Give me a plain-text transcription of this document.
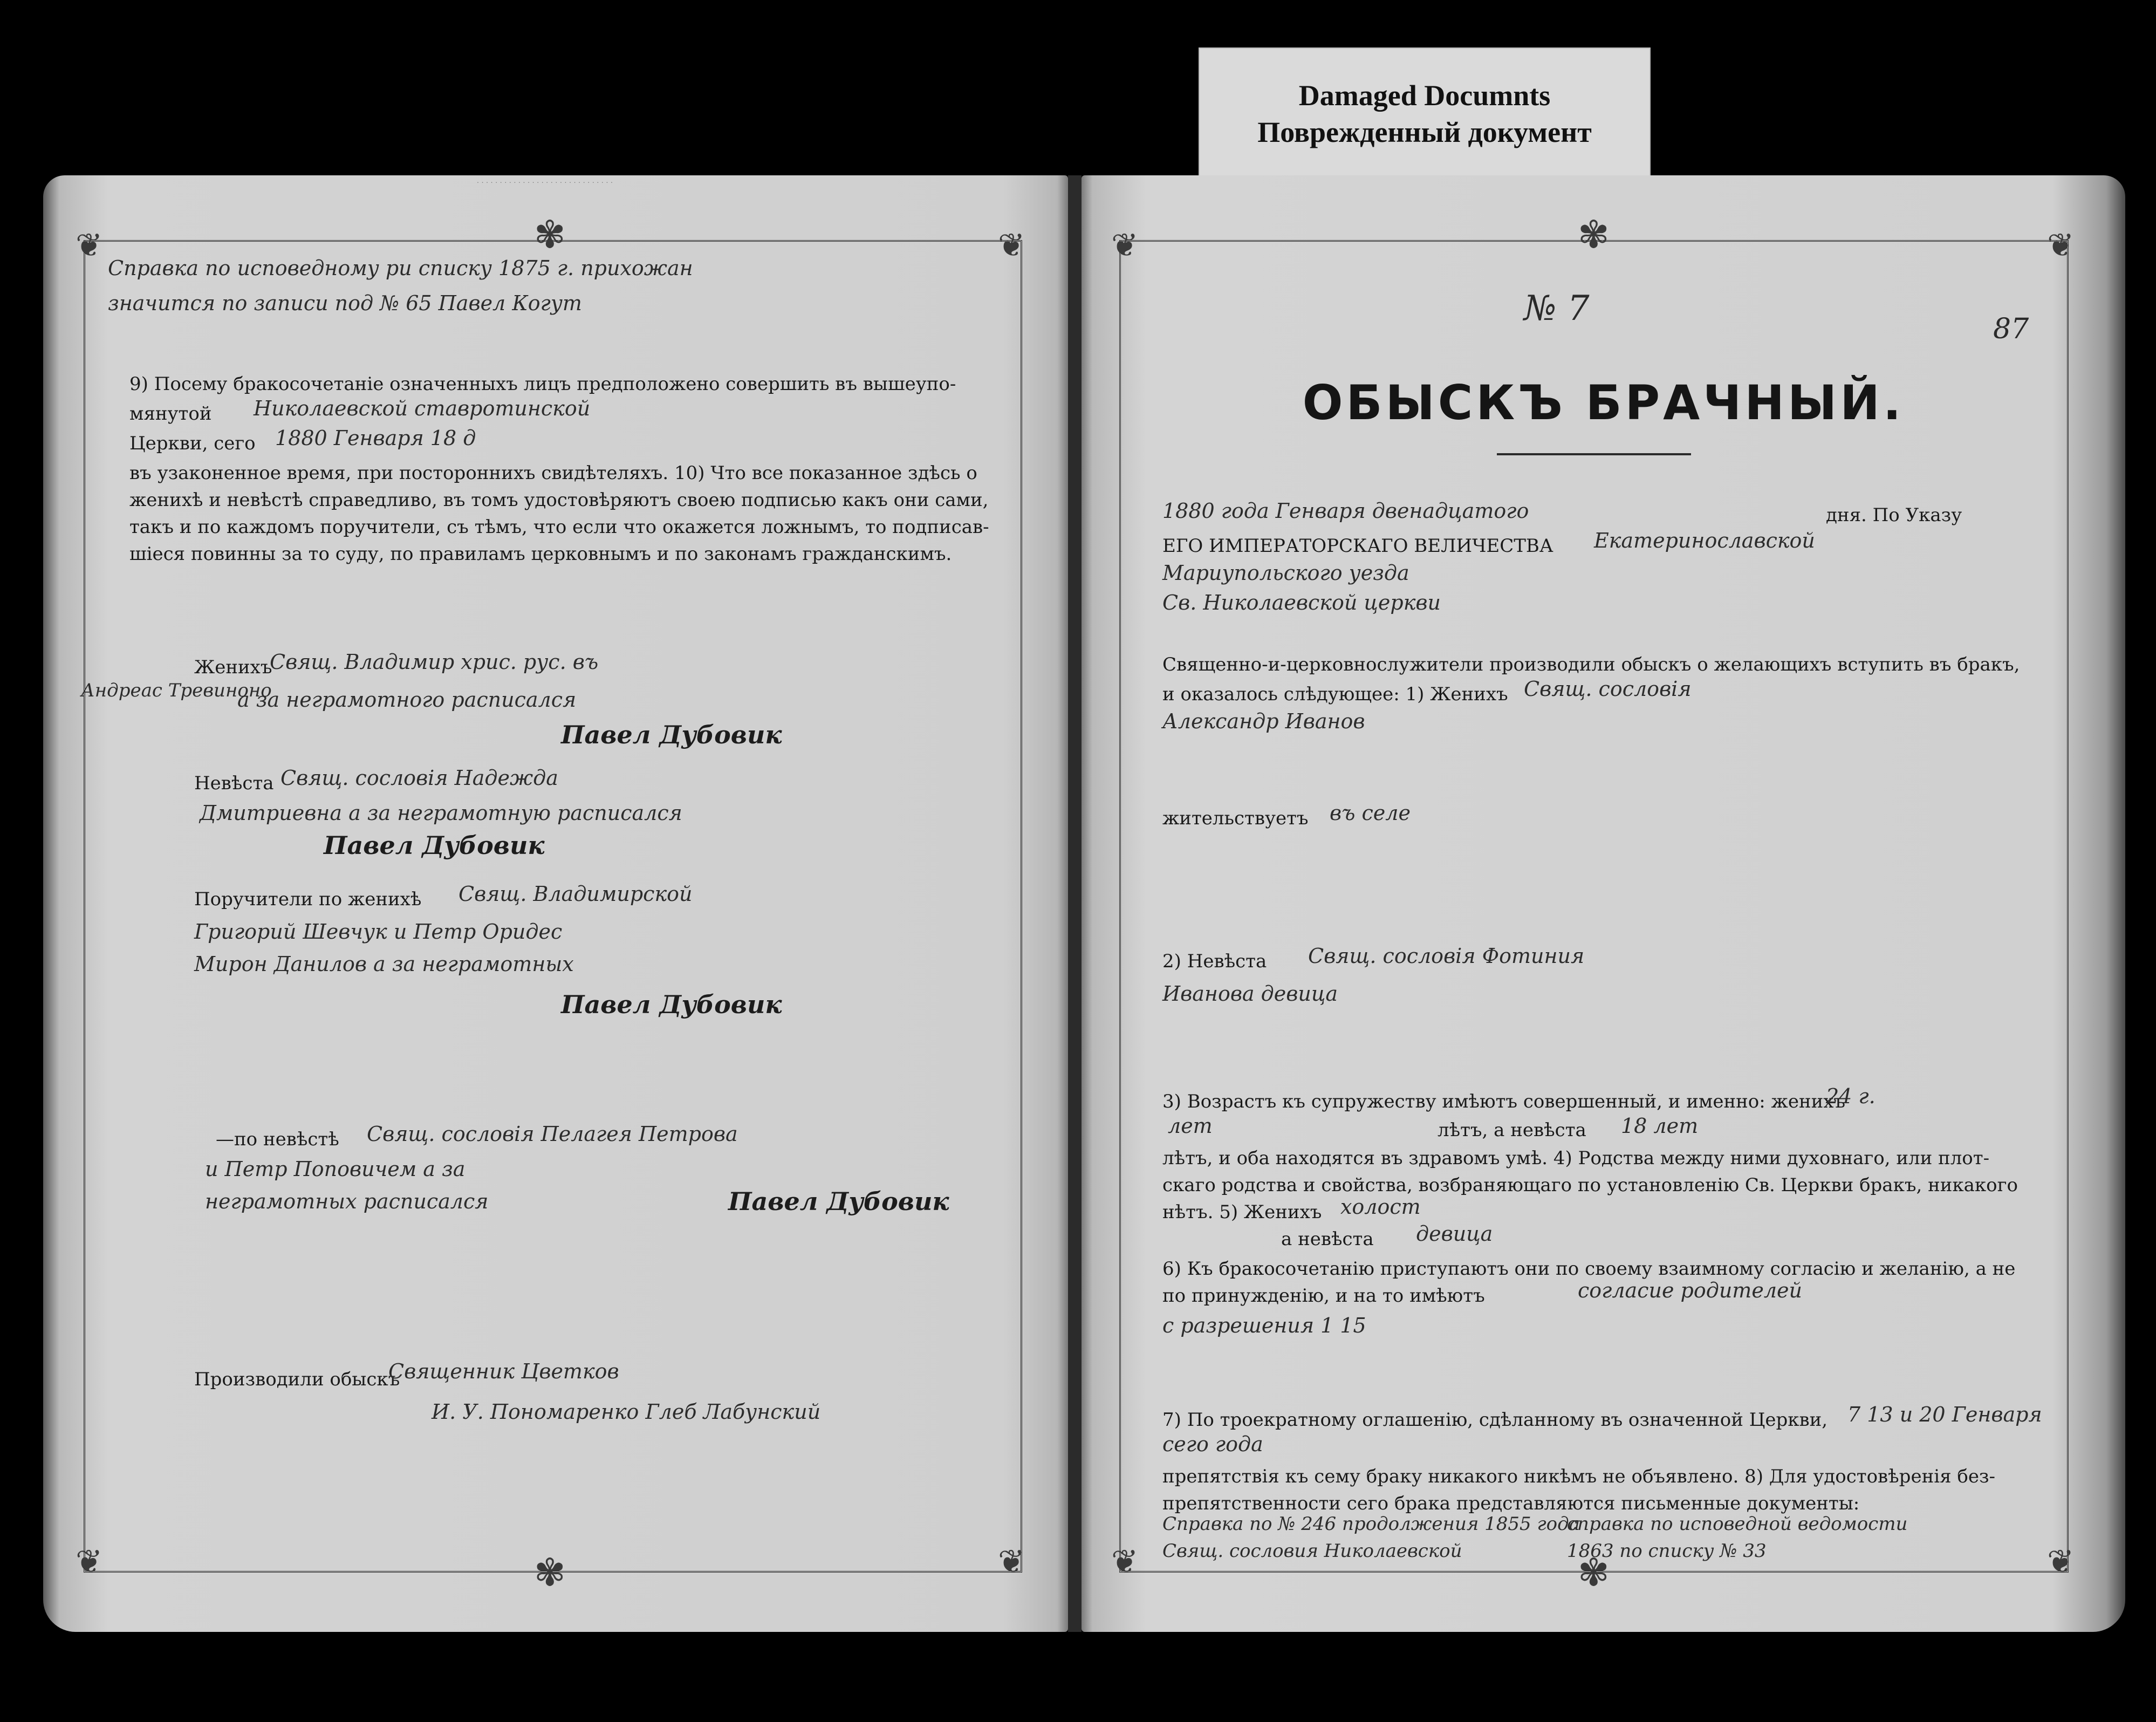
Damaged Documnts
Поврежденный документ
· · · · · · · · · · · · · · · · · · · · · · · · · · · · · ·
❦	❦
❦	❦
✾
✾
Справка по исповедному ри списку 1875 г. прихожан
значится по записи под № 65 Павел Когут
9) Посему бракосочетаніе означенныхъ лицъ предположено совершить въ вышеупо-
мянутой Николаевской ставротинской
Церкви, сего 1880 Генваря 18 д
въ узаконенное время, при постороннихъ свидѣтеляхъ. 10) Что все показанное здѣсь о
женихѣ и невѣстѣ справедливо, въ томъ удостовѣряютъ своею подписью какъ они сами,
такъ и по каждомъ поручители, съ тѣмъ, что если что окажется ложнымъ, то подписав-
шіеся повинны за то суду, по правиламъ церковнымъ и по законамъ гражданскимъ.
Андреас Тревиноно
Женихъ
Свящ. Владимир хрис. рус. въ
а за неграмотного расписался
Павел Дубовик
Невѣста Свящ. сословія Надежда
Дмитриевна а за неграмотную расписался
Павел Дубовик
Поручители по женихѣ Свящ. Владимирской
Григорий Шевчук и Петр Оридес
Мирон Данилов а за неграмотных
Павел Дубовик
—по невѣстѣ Свящ. сословія Пелагея Петрова
и Петр Поповичем а за
неграмотных расписался	Павел Дубовик
Производили обыскъ
Священник Цветков
И. У. Пономаренко Глеб Лабунский
❦	❦
❦	❦
✾
✾
№ 7
87
ОБЫСКЪ БРАЧНЫЙ.
1880 года Генваря двенадцатого	дня. По Указу
ЕГО ИМПЕРАТОРСКАГО ВЕЛИЧЕСТВА Екатеринославской
Мариупольского уезда
Св. Николаевской церкви
Священно-и-церковнослужители производили обыскъ о желающихъ вступить въ бракъ,
и оказалось слѣдующее: 1) Женихъ Свящ. сословія
Александр Иванов
жительствуетъ въ селе
2) Невѣста Свящ. сословія Фотиния
Иванова девица
3) Возрастъ къ супружеству имѣютъ совершенный, и именно: женихъ
24 г.
лет	лѣтъ, а невѣста 18 лет
лѣтъ, и оба находятся въ здравомъ умѣ. 4) Родства между ними духовнаго, или плот-
скаго родства и свойства, возбраняющаго по установленію Св. Церкви бракъ, никакого
нѣтъ. 5) Женихъ холост
а невѣста девица
6) Къ бракосочетанію приступаютъ они по своему взаимному согласію и желанію, а не
по принужденію, и на то имѣютъ	согласие родителей
с разрешения 1 15
7) По троекратному оглашенію, сдѣланному въ означенной Церкви, 7 13 и 20 Генваря
сего года
препятствія къ сему браку никакого никѣмъ не объявлено. 8) Для удостовѣренія без-
препятственности сего брака представляются письменные документы:
Справка по № 246 продолжения 1855 года
справка по исповедной ведомости
Свящ. сословия Николаевской	1863 по списку № 33
